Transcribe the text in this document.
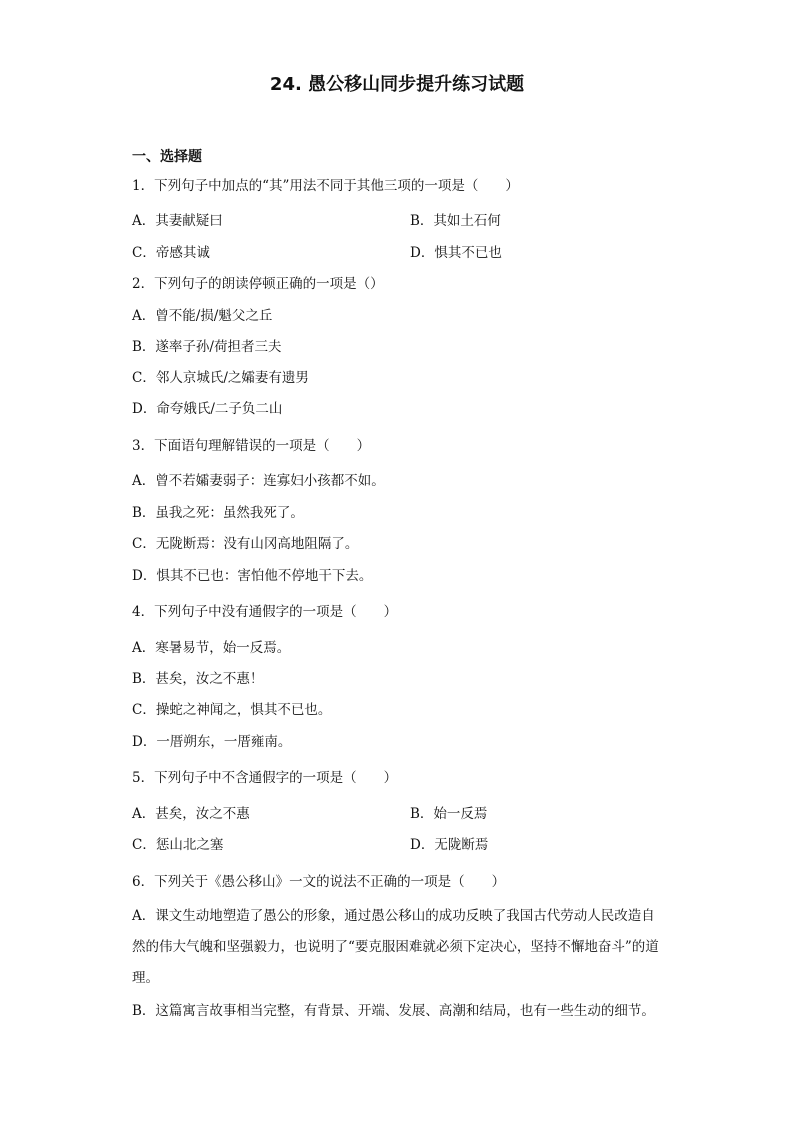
24. 愚公移山同步提升练习试题
一、选择题
1．下列句子中加点的“其”用法不同于其他三项的一项是（　　）
A．其妻献疑曰	B．其如土石何
C．帝感其诚	D．惧其不已也
2．下列句子的朗读停顿正确的一项是（）
A．曾不能/损/魁父之丘
B．遂率子孙/荷担者三夫
C．邻人京城氏/之孀妻有遗男
D．命夸娥氏/二子负二山
3．下面语句理解错误的一项是（　　）
A．曾不若孀妻弱子：连寡妇小孩都不如。
B．虽我之死：虽然我死了。
C．无陇断焉：没有山冈高地阻隔了。
D．惧其不已也：害怕他不停地干下去。
4．下列句子中没有通假字的一项是（　　）
A．寒暑易节，始一反焉。
B．甚矣，汝之不惠！
C．操蛇之神闻之，惧其不已也。
D．一厝朔东，一厝雍南。
5．下列句子中不含通假字的一项是（　　）
A．甚矣，汝之不惠	B．始一反焉
C．惩山北之塞	D．无陇断焉
6．下列关于《愚公移山》一文的说法不正确的一项是（　　）
A．课文生动地塑造了愚公的形象，通过愚公移山的成功反映了我国古代劳动人民改造自然的伟大气魄和坚强毅力，也说明了“要克服困难就必须下定决心，坚持不懈地奋斗”的道理。
B．这篇寓言故事相当完整，有背景、开端、发展、高潮和结局，也有一些生动的细节。
